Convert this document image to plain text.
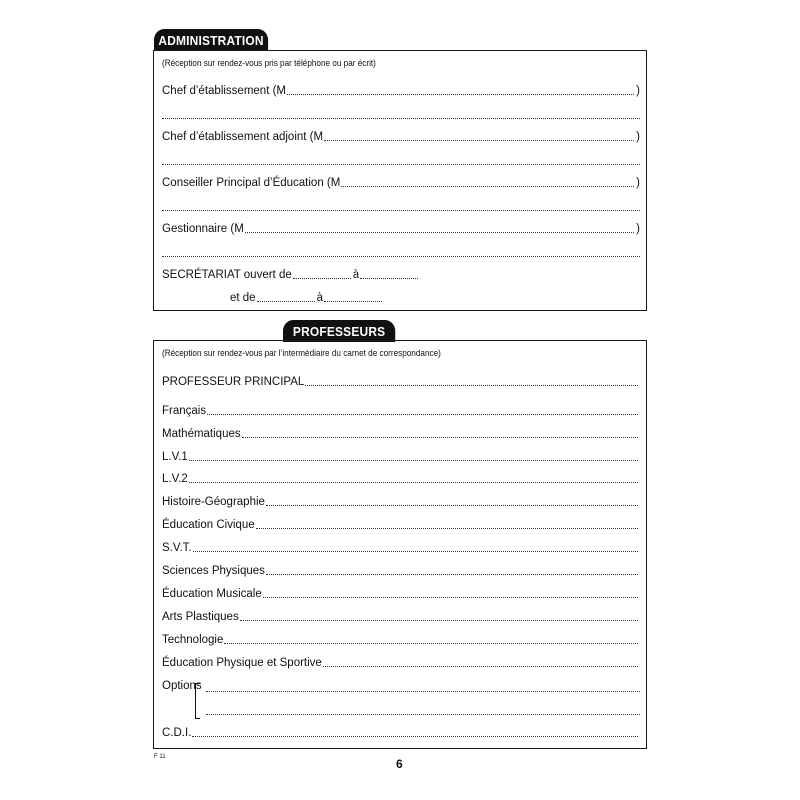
ADMINISTRATION
(Réception sur rendez-vous pris par téléphone ou par écrit)
Chef d’établissement (M	)
Chef d’établissement adjoint (M	)
Conseiller Principal d’Éducation (M	)
Gestionnaire (M	)
SECRÉTARIAT ouvert de	à
et de	à
PROFESSEURS
(Réception sur rendez-vous par l’intermédiaire du carnet de correspondance)
PROFESSEUR PRINCIPAL
Français
Mathématiques
L.V.1
L.V.2
Histoire-Géographie
Éducation Civique
S.V.T.
Sciences Physiques
Éducation Musicale
Arts Plastiques
Technologie
Éducation Physique et Sportive
Options
C.D.I.
F 11	6
